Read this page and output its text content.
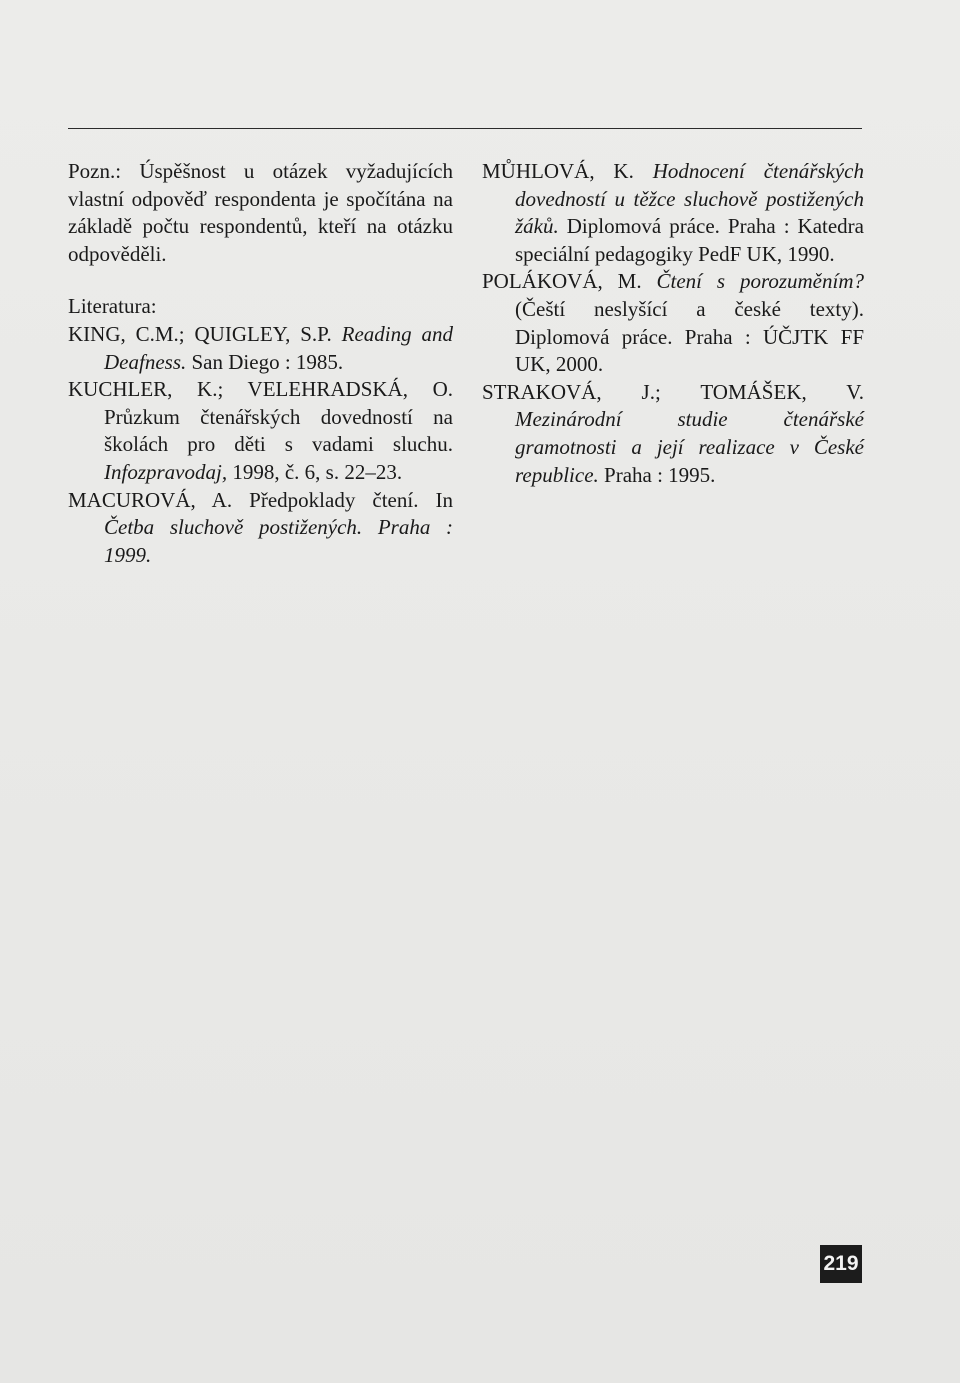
Pozn.: Úspěšnost u otázek vyžadujících vlastní odpověď respondenta je spočítána na základě počtu respondentů, kteří na otázku odpověděli.

Literatura:

KING, C.M.; QUIGLEY, S.P. Reading and Deafness. San Diego : 1985.

KUCHLER, K.; VELEHRADSKÁ, O. Průzkum čtenářských dovedností na školách pro děti s vadami sluchu. Infozpravodaj, 1998, č. 6, s. 22–23.

MACUROVÁ, A. Předpoklady čtení. In Četba sluchově postižených. Praha : 1999.

MŮHLOVÁ, K. Hodnocení čtenářských dovedností u těžce sluchově postižených žáků. Diplomová práce. Praha : Katedra speciální pedagogiky PedF UK, 1990.

POLÁKOVÁ, M. Čtení s porozuměním? (Čeští neslyšící a české texty). Diplomová práce. Praha : ÚČJTK FF UK, 2000.

STRAKOVÁ, J.; TOMÁŠEK, V. Mezinárodní studie čtenářské gramotnosti a její realizace v České republice. Praha : 1995.

219
